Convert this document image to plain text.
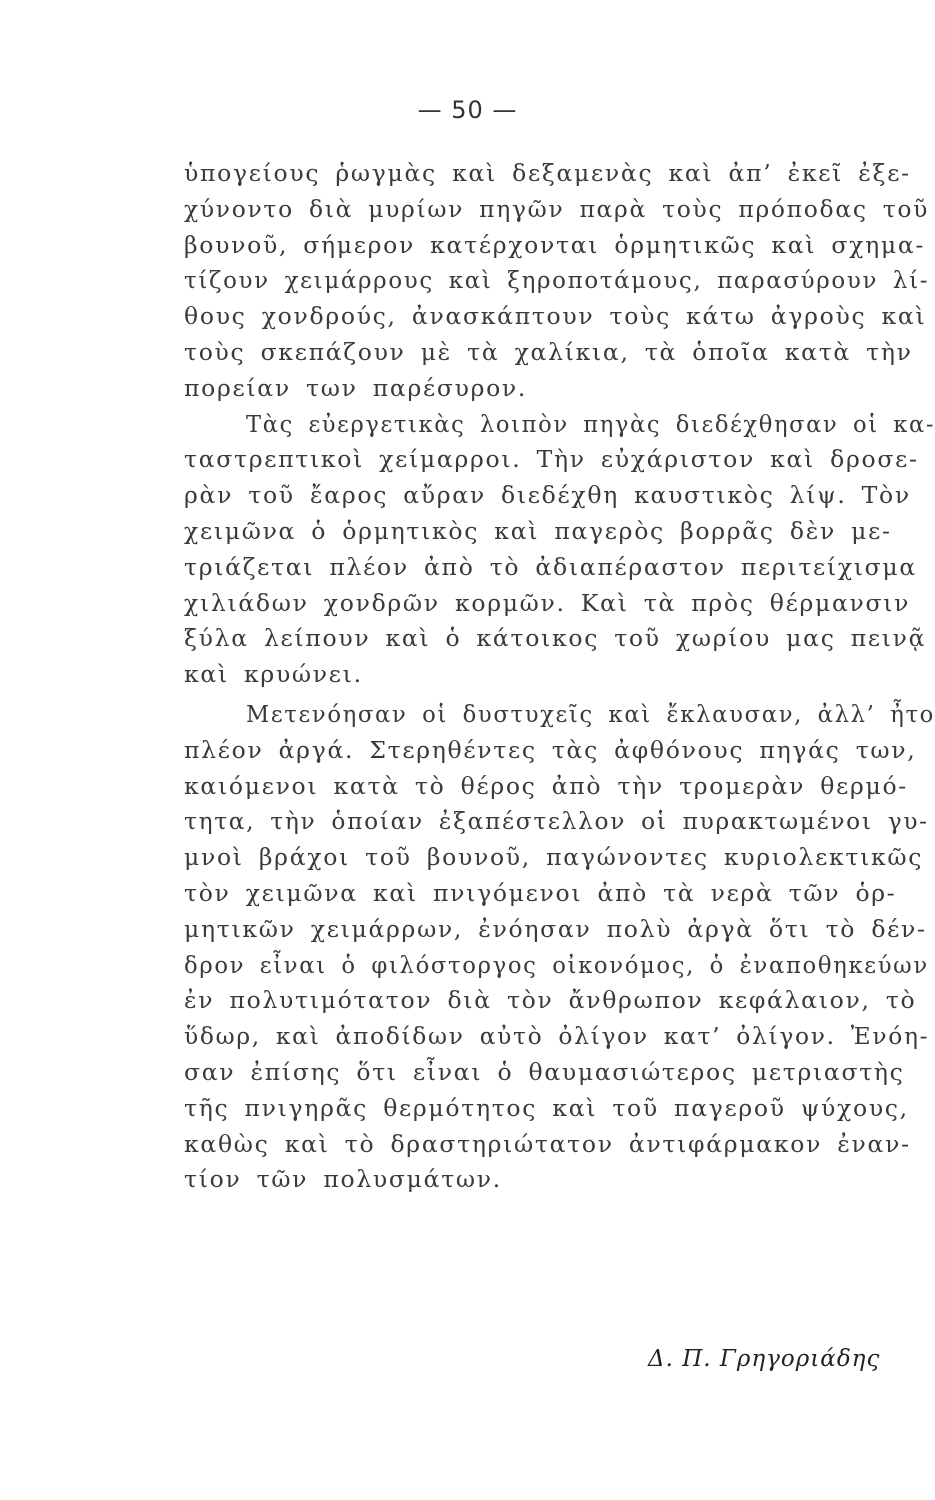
— 50 —
ὑπογείους ῥωγμὰς καὶ δεξαμενὰς καὶ ἀπ’ ἐκεῖ ἐξε-
χύνοντο διὰ μυρίων πηγῶν παρὰ τοὺς πρόποδας τοῦ
βουνοῦ, σήμερον κατέρχονται ὁρμητικῶς καὶ σχημα-
τίζουν χειμάρρους καὶ ξηροποτάμους, παρασύρουν λί-
θους χονδρούς, ἀνασκάπτουν τοὺς κάτω ἀγροὺς καὶ
τοὺς σκεπάζουν μὲ τὰ χαλίκια, τὰ ὁποῖα κατὰ τὴν
πορείαν των παρέσυρον.
Τὰς εὐεργετικὰς λοιπὸν πηγὰς διεδέχθησαν οἱ κα-
ταστρεπτικοὶ χείμαρροι. Τὴν εὐχάριστον καὶ δροσε-
ρὰν τοῦ ἔαρος αὔραν διεδέχθη καυστικὸς λίψ. Τὸν
χειμῶνα ὁ ὁρμητικὸς καὶ παγερὸς βορρᾶς δὲν με-
τριάζεται πλέον ἀπὸ τὸ ἀδιαπέραστον περιτείχισμα
χιλιάδων χονδρῶν κορμῶν. Καὶ τὰ πρὸς θέρμανσιν
ξύλα λείπουν καὶ ὁ κάτοικος τοῦ χωρίου μας πεινᾷ
καὶ κρυώνει.
Μετενόησαν οἱ δυστυχεῖς καὶ ἔκλαυσαν, ἀλλ’ ἦτο
πλέον ἀργά. Στερηθέντες τὰς ἀφθόνους πηγάς των,
καιόμενοι κατὰ τὸ θέρος ἀπὸ τὴν τρομερὰν θερμό-
τητα, τὴν ὁποίαν ἐξαπέστελλον οἱ πυρακτωμένοι γυ-
μνοὶ βράχοι τοῦ βουνοῦ, παγώνοντες κυριολεκτικῶς
τὸν χειμῶνα καὶ πνιγόμενοι ἀπὸ τὰ νερὰ τῶν ὁρ-
μητικῶν χειμάρρων, ἐνόησαν πολὺ ἀργὰ ὅτι τὸ δέν-
δρον εἶναι ὁ φιλόστοργος οἰκονόμος, ὁ ἐναποθηκεύων
ἐν πολυτιμότατον διὰ τὸν ἄνθρωπον κεφάλαιον, τὸ
ὕδωρ, καὶ ἀποδίδων αὐτὸ ὀλίγον κατ’ ὀλίγον. Ἐνόη-
σαν ἐπίσης ὅτι εἶναι ὁ θαυμασιώτερος μετριαστὴς
τῆς πνιγηρᾶς θερμότητος καὶ τοῦ παγεροῦ ψύχους,
καθὼς καὶ τὸ δραστηριώτατον ἀντιφάρμακον ἐναν-
τίον τῶν πολυσμάτων.
Δ. Π. Γρηγοριάδης
